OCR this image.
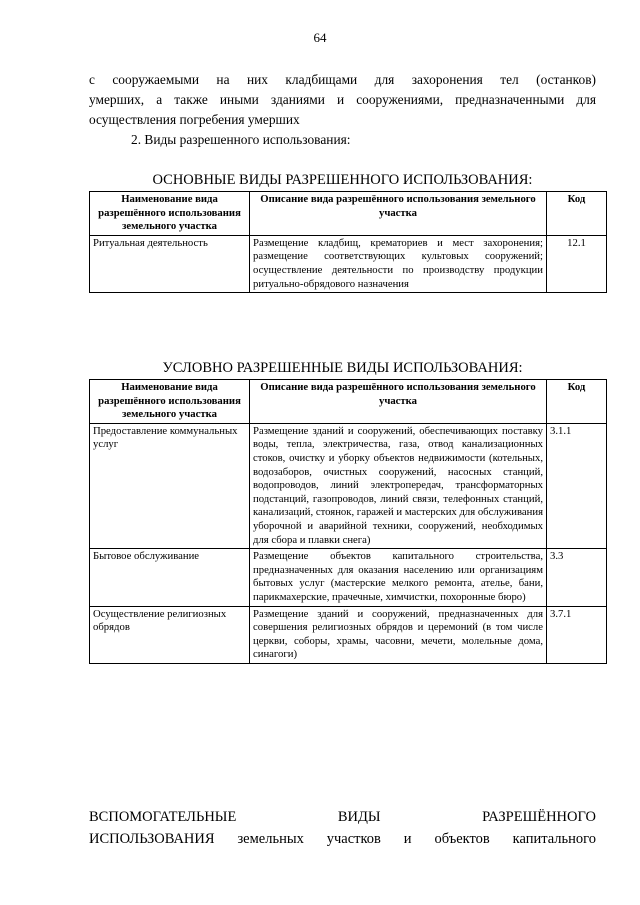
64
с сооружаемыми на них кладбищами для захоронения тел (останков)
умерших, а также иными зданиями и сооружениями, предназначенными для
осуществления погребения умерших
2. Виды разрешенного использования:
ОСНОВНЫЕ ВИДЫ РАЗРЕШЕННОГО ИСПОЛЬЗОВАНИЯ:
Наименование вида разрешённого использования земельного участка	Описание вида разрешённого использования земельного участка	Код
Ритуальная деятельность	Размещение кладбищ, крематориев и мест захоронения;
размещение соответствующих культовых сооружений;
осуществление деятельности по производству продукции ритуально-обрядового назначения	12.1
УСЛОВНО РАЗРЕШЕННЫЕ ВИДЫ ИСПОЛЬЗОВАНИЯ:
Наименование вида разрешённого использования земельного участка	Описание вида разрешённого использования земельного участка	Код
Предоставление коммунальных услуг	Размещение зданий и сооружений, обеспечивающих поставку воды, тепла, электричества, газа, отвод канализационных стоков, очистку и уборку объектов недвижимости (котельных, водозаборов, очистных сооружений, насосных станций, водопроводов, линий электропередач, трансформаторных подстанций, газопроводов, линий связи, телефонных станций, канализаций, стоянок, гаражей и мастерских для обслуживания уборочной и аварийной техники, сооружений, необходимых для сбора и плавки снега)	3.1.1
Бытовое обслуживание	Размещение объектов капитального строительства, предназначенных для оказания населению или организациям бытовых услуг (мастерские мелкого ремонта, ателье, бани, парикмахерские, прачечные, химчистки, похоронные бюро)	3.3
Осуществление религиозных обрядов	Размещение зданий и сооружений, предназначенных для совершения религиозных обрядов и церемоний (в том числе церкви, соборы, храмы, часовни, мечети, молельные дома, синагоги)	3.7.1
ВСПОМОГАТЕЛЬНЫЕ ВИДЫ РАЗРЕШЁННОГО
ИСПОЛЬЗОВАНИЯ земельных участков и объектов капитального
